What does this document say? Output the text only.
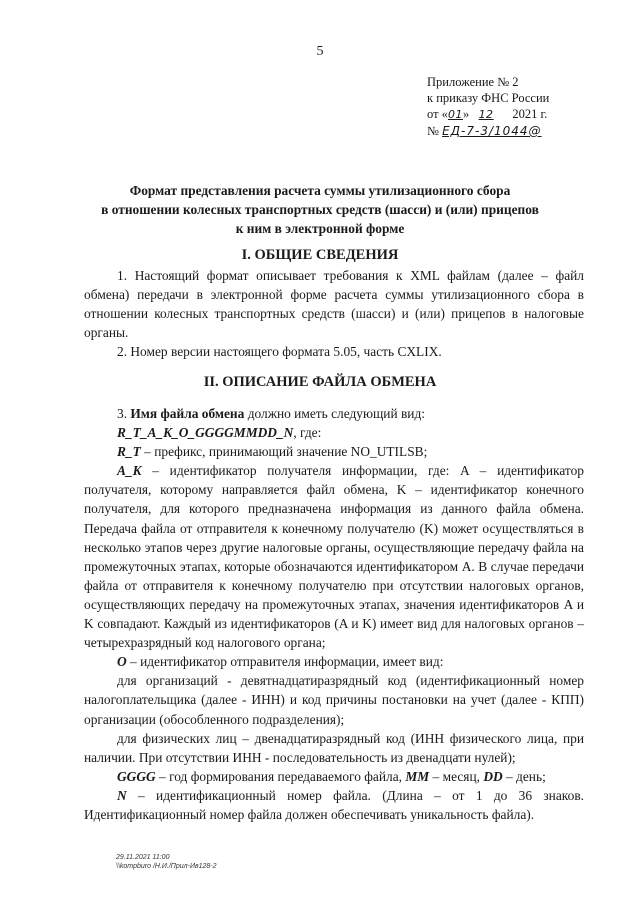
5
Приложение № 2
к приказу ФНС России
от «01» 12 2021 г.
№ ЕД-7-3/1044@
Формат представления расчета суммы утилизационного сбора
в отношении колесных транспортных средств (шасси) и (или) прицепов
к ним в электронной форме
I. ОБЩИЕ СВЕДЕНИЯ

1. Настоящий формат описывает требования к XML файлам (далее – файл обмена) передачи в электронной форме расчета суммы утилизационного сбора в отношении колесных транспортных средств (шасси) и (или) прицепов в налоговые органы.

2. Номер версии настоящего формата 5.05, часть CXLIX.

II. ОПИСАНИЕ ФАЙЛА ОБМЕНА

3. Имя файла обмена должно иметь следующий вид:

R_T_A_K_O_GGGGMMDD_N, где:

R_T – префикс, принимающий значение NO_UTILSB;

A_K – идентификатор получателя информации, где: A – идентификатор получателя, которому направляется файл обмена, K – идентификатор конечного получателя, для которого предназначена информация из данного файла обмена. Передача файла от отправителя к конечному получателю (K) может осуществляться в несколько этапов через другие налоговые органы, осуществляющие передачу файла на промежуточных этапах, которые обозначаются идентификатором A. В случае передачи файла от отправителя к конечному получателю при отсутствии налоговых органов, осуществляющих передачу на промежуточных этапах, значения идентификаторов A и K совпадают. Каждый из идентификаторов (A и K) имеет вид для налоговых органов – четырехразрядный код налогового органа;

O – идентификатор отправителя информации, имеет вид:

для организаций - девятнадцатиразрядный код (идентификационный номер налогоплательщика (далее - ИНН) и код причины постановки на учет (далее - КПП) организации (обособленного подразделения);

для физических лиц – двенадцатиразрядный код (ИНН физического лица, при наличии. При отсутствии ИНН - последовательность из двенадцати нулей);

GGGG – год формирования передаваемого файла, MM – месяц, DD – день;

N – идентификационный номер файла. (Длина – от 1 до 36 знаков. Идентификационный номер файла должен обеспечивать уникальность файла).

29.11.2021 11:00
\\kompburo /Н.И./Прил-Ив128-2
